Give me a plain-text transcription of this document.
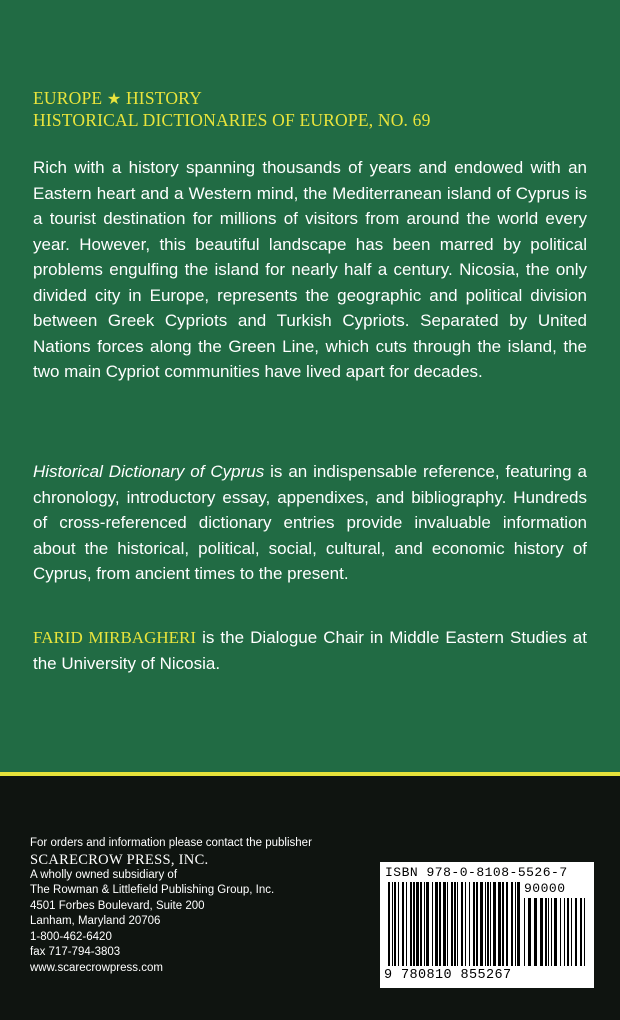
EUROPE ★ HISTORY
HISTORICAL DICTIONARIES OF EUROPE, NO. 69
Rich with a history spanning thousands of years and endowed with an Eastern heart and a Western mind, the Mediterranean island of Cyprus is a tourist destination for millions of visitors from around the world every year. However, this beautiful landscape has been marred by political problems engulfing the island for nearly half a century. Nicosia, the only divided city in Europe, represents the geographic and political division between Greek Cypriots and Turkish Cypriots. Separated by United Nations forces along the Green Line, which cuts through the island, the two main Cypriot communities have lived apart for decades.
Historical Dictionary of Cyprus is an indispensable reference, featuring a chronology, introductory essay, appendixes, and bibliography. Hundreds of cross-referenced dictionary entries provide invaluable information about the historical, political, social, cultural, and economic history of Cyprus, from ancient times to the present.
FARID MIRBAGHERI is the Dialogue Chair in Middle Eastern Studies at the University of Nicosia.
For orders and information please contact the publisher
SCARECROW PRESS, INC.
A wholly owned subsidiary of
The Rowman & Littlefield Publishing Group, Inc.
4501 Forbes Boulevard, Suite 200
Lanham, Maryland 20706
1-800-462-6420
fax 717-794-3803
www.scarecrowpress.com
ISBN 978-0-8108-5526-7
90000
9 780810 855267
